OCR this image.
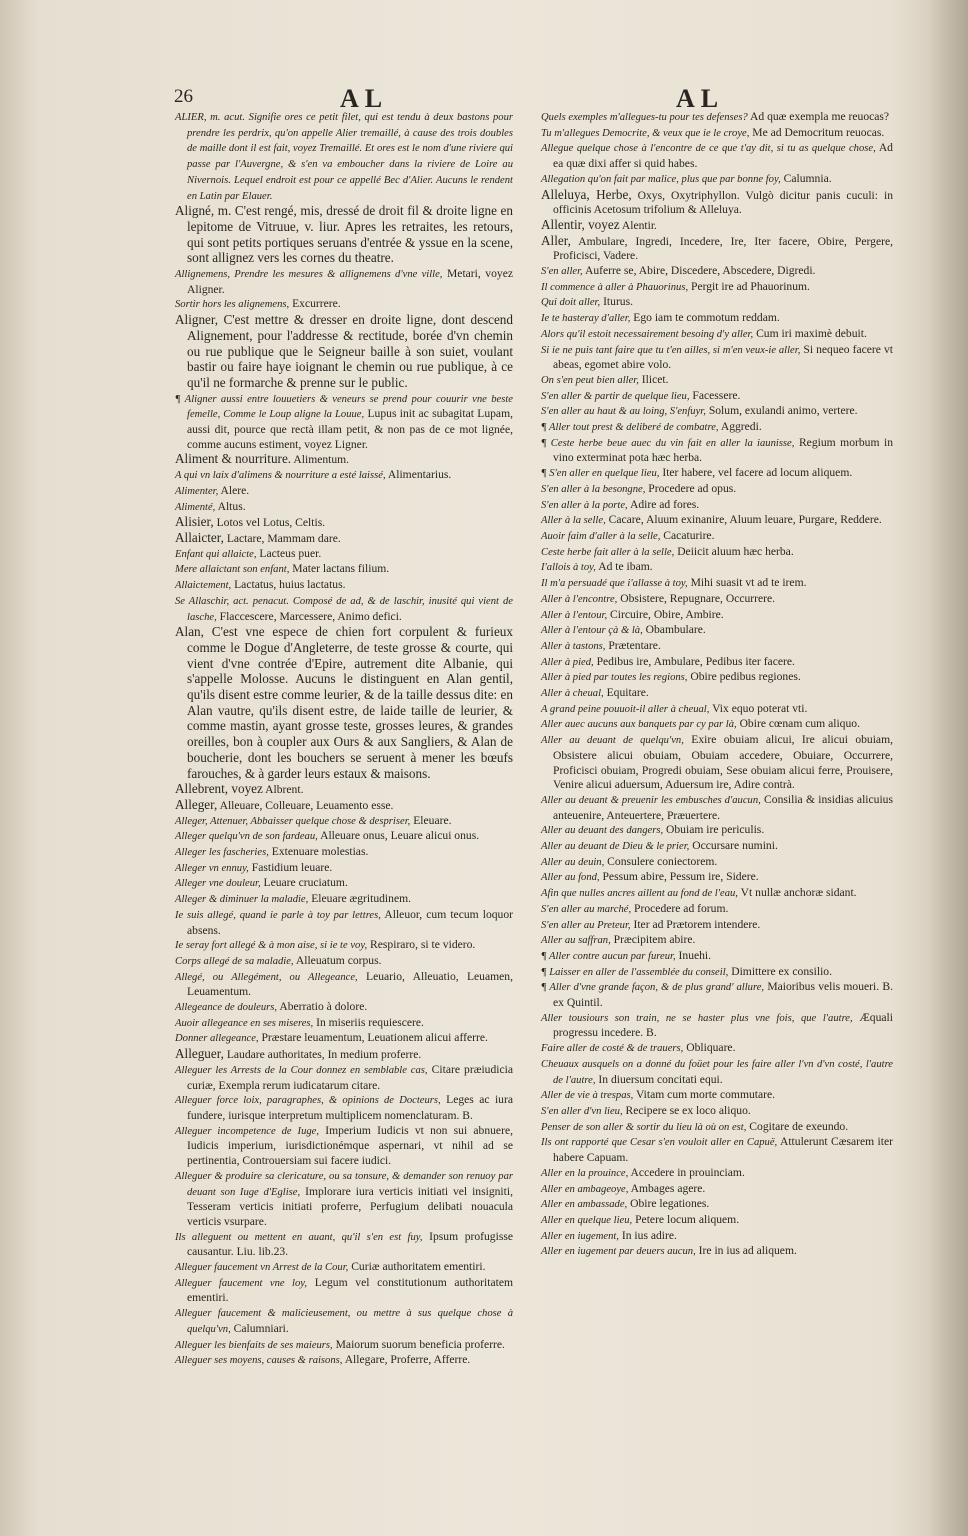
26	AL	AL

ALIER, m. acut. Signifie ores ce petit filet, qui est tendu à deux bastons pour prendre les perdrix, qu'on appelle Alier tremaillé, à cause des trois doubles de maille dont il est fait, voyez Tremaillé. Et ores est le nom d'une riviere qui passe par l'Auvergne, & s'en va emboucher dans la riviere de Loire au Nivernois. Lequel endroit est pour ce appellé Bec d'Alier. Aucuns le rendent en Latin par Elauer.

Aligné, m. C'est rengé, mis, dressé de droit fil & droite ligne en lepitome de Vitruue, v. liur. Apres les retraites, les retours, qui sont petits portiques seruans d'entrée & yssue en la scene, sont allignez vers les cornes du theatre.

Allignemens, Prendre les mesures & allignemens d'vne ville, Metari, voyez Aligner.

Sortir hors les alignemens, Excurrere.

Aligner, C'est mettre & dresser en droite ligne, dont descend Alignement, pour l'addresse & rectitude, borée d'vn chemin ou rue publique que le Seigneur baille à son suiet, voulant bastir ou faire haye ioignant le chemin ou rue publique, à ce qu'il ne formarche & prenne sur le public.

¶ Aligner aussi entre louuetiers & veneurs se prend pour couurir vne beste femelle, Comme le Loup aligne la Louue, Lupus init ac subagitat Lupam, aussi dit, pource que rectà illam petit, & non pas de ce mot lignée, comme aucuns estiment, voyez Ligner.

Aliment & nourriture. Alimentum.

A qui vn laix d'alimens & nourriture a esté laissé, Alimentarius.

Alimenter, Alere.

Alimenté, Altus.

Alisier, Lotos vel Lotus, Celtis.

Allaicter, Lactare, Mammam dare.

Enfant qui allaicte, Lacteus puer.

Mere allaictant son enfant, Mater lactans filium.

Allaictement, Lactatus, huius lactatus.

Se Allaschir, act. penacut. Composé de ad, & de laschir, inusité qui vient de lasche, Flaccescere, Marcessere, Animo defici.

Alan, C'est vne espece de chien fort corpulent & furieux comme le Dogue d'Angleterre, de teste grosse & courte, qui vient d'vne contrée d'Epire, autrement dite Albanie, qui s'appelle Molosse. Aucuns le distinguent en Alan gentil, qu'ils disent estre comme leurier, & de la taille dessus dite: en Alan vautre, qu'ils disent estre, de laide taille de leurier, & comme mastin, ayant grosse teste, grosses leures, & grandes oreilles, bon à coupler aux Ours & aux Sangliers, & Alan de boucherie, dont les bouchers se seruent à mener les bœufs farouches, & à garder leurs estaux & maisons.

Allebrent, voyez Albrent.

Alleger, Alleuare, Colleuare, Leuamento esse.

Alleger, Attenuer, Abbaisser quelque chose & despriser, Eleuare.

Alleger quelqu'vn de son fardeau, Alleuare onus, Leuare alicui onus.

Alleger les fascheries, Extenuare molestias.

Alleger vn ennuy, Fastidium leuare.

Alleger vne douleur, Leuare cruciatum.

Alleger & diminuer la maladie, Eleuare ægritudinem.

Ie suis allegé, quand ie parle à toy par lettres, Alleuor, cum tecum loquor absens.

Ie seray fort allegé & à mon aise, si ie te voy, Respiraro, si te videro.

Corps allegé de sa maladie, Alleuatum corpus.

Allegé, ou Allegément, ou Allegeance, Leuario, Alleuatio, Leuamen, Leuamentum.

Allegeance de douleurs, Aberratio à dolore.

Auoir allegeance en ses miseres, In miseriis requiescere.

Donner allegeance, Præstare leuamentum, Leuationem alicui afferre.

Alleguer, Laudare authoritates, In medium proferre.

Alleguer les Arrests de la Cour donnez en semblable cas, Citare præiudicia curiæ, Exempla rerum iudicatarum citare.

Alleguer force loix, paragraphes, & opinions de Docteurs, Leges ac iura fundere, iurisque interpretum multiplicem nomenclaturam. B.

Alleguer incompetence de Iuge, Imperium Iudicis vt non sui abnuere, Iudicis imperium, iurisdictionémque aspernari, vt nihil ad se pertinentia, Controuersiam sui facere iudici.

Alleguer & produire sa clericature, ou sa tonsure, & demander son renuoy par deuant son Iuge d'Eglise, Implorare iura verticis initiati vel insigniti, Tesseram verticis initiati proferre, Perfugium delibati nouacula verticis vsurpare.

Ils alleguent ou mettent en auant, qu'il s'en est fuy, Ipsum profugisse causantur. Liu. lib.23.

Alleguer faucement vn Arrest de la Cour, Curiæ authoritatem ementiri.

Alleguer faucement vne loy, Legum vel constitutionum authoritatem ementiri.

Alleguer faucement & malicieusement, ou mettre à sus quelque chose à quelqu'vn, Calumniari.

Alleguer les bienfaits de ses maieurs, Maiorum suorum beneficia proferre.

Alleguer ses moyens, causes & raisons, Allegare, Proferre, Afferre.

Quels exemples m'allegues-tu pour tes defenses? Ad quæ exempla me reuocas?

Tu m'allegues Democrite, & veux que ie le croye, Me ad Democritum reuocas.

Allegue quelque chose à l'encontre de ce que t'ay dit, si tu as quelque chose, Ad ea quæ dixi affer si quid habes.

Allegation qu'on fait par malice, plus que par bonne foy, Calumnia.

Alleluya, Herbe, Oxys, Oxytriphyllon. Vulgò dicitur panis cuculi: in officinis Acetosum trifolium & Alleluya.

Allentir, voyez Alentir.

Aller, Ambulare, Ingredi, Incedere, Ire, Iter facere, Obire, Pergere, Proficisci, Vadere.

S'en aller, Auferre se, Abire, Discedere, Abscedere, Digredi.

Il commence à aller à Phauorinus, Pergit ire ad Phauorinum.

Qui doit aller, Iturus.

Ie te hasteray d'aller, Ego iam te commotum reddam.

Alors qu'il estoit necessairement besoing d'y aller, Cum iri maximè debuit.

Si ie ne puis tant faire que tu t'en ailles, si m'en veux-ie aller, Si nequeo facere vt abeas, egomet abire volo.

On s'en peut bien aller, Ilicet.

S'en aller & partir de quelque lieu, Facessere.

S'en aller au haut & au loing, S'enfuyr, Solum, exulandi animo, vertere.

¶ Aller tout prest & deliberé de combatre, Aggredi.

¶ Ceste herbe beue auec du vin fait en aller la iaunisse, Regium morbum in vino exterminat pota hæc herba.

¶ S'en aller en quelque lieu, Iter habere, vel facere ad locum aliquem.

S'en aller à la besongne, Procedere ad opus.

S'en aller à la porte, Adire ad fores.

Aller à la selle, Cacare, Aluum exinanire, Aluum leuare, Purgare, Reddere.

Auoir faim d'aller à la selle, Cacaturire.

Ceste herbe fait aller à la selle, Deiicit aluum hæc herba.

I'allois à toy, Ad te ibam.

Il m'a persuadé que i'allasse à toy, Mihi suasit vt ad te irem.

Aller à l'encontre, Obsistere, Repugnare, Occurrere.

Aller à l'entour, Circuire, Obire, Ambire.

Aller à l'entour çà & là, Obambulare.

Aller à tastons, Prætentare.

Aller à pied, Pedibus ire, Ambulare, Pedibus iter facere.

Aller à pied par toutes les regions, Obire pedibus regiones.

Aller à cheual, Equitare.

A grand peine pouuoit-il aller à cheual, Vix equo poterat vti.

Aller auec aucuns aux banquets par cy par là, Obire cœnam cum aliquo.

Aller au deuant de quelqu'vn, Exire obuiam alicui, Ire alicui obuiam, Obsistere alicui obuiam, Obuiam accedere, Obuiare, Occurrere, Proficisci obuiam, Progredi obuiam, Sese obuiam alicui ferre, Prouisere, Venire alicui aduersum, Aduersum ire, Adire contrà.

Aller au deuant & preuenir les embusches d'aucun, Consilia & insidias alicuius anteuenire, Anteuertere, Præuertere.

Aller au deuant des dangers, Obuiam ire periculis.

Aller au deuant de Dieu & le prier, Occursare numini.

Aller au deuin, Consulere coniectorem.

Aller au fond, Pessum abire, Pessum ire, Sidere.

Afin que nulles ancres aillent au fond de l'eau, Vt nullæ anchoræ sidant.

S'en aller au marché, Procedere ad forum.

S'en aller au Preteur, Iter ad Prætorem intendere.

Aller au saffran, Præcipitem abire.

¶ Aller contre aucun par fureur, Inuehi.

¶ Laisser en aller de l'assemblée du conseil, Dimittere ex consilio.

¶ Aller d'vne grande façon, & de plus grand' allure, Maioribus velis moueri. B. ex Quintil.

Aller tousiours son train, ne se haster plus vne fois, que l'autre, Æquali progressu incedere. B.

Faire aller de costé & de trauers, Obliquare.

Cheuaux ausquels on a donné du foüet pour les faire aller l'vn d'vn costé, l'autre de l'autre, In diuersum concitati equi.

Aller de vie à trespas, Vitam cum morte commutare.

S'en aller d'vn lieu, Recipere se ex loco aliquo.

Penser de son aller & sortir du lieu là où on est, Cogitare de exeundo.

Ils ont rapporté que Cesar s'en vouloit aller en Capuë, Attulerunt Cæsarem iter habere Capuam.

Aller en la prouince, Accedere in prouinciam.

Aller en ambageoye, Ambages agere.

Aller en ambassade, Obire legationes.

Aller en quelque lieu, Petere locum aliquem.

Aller en iugement, In ius adire.

Aller en iugement par deuers aucun, Ire in ius ad aliquem.
